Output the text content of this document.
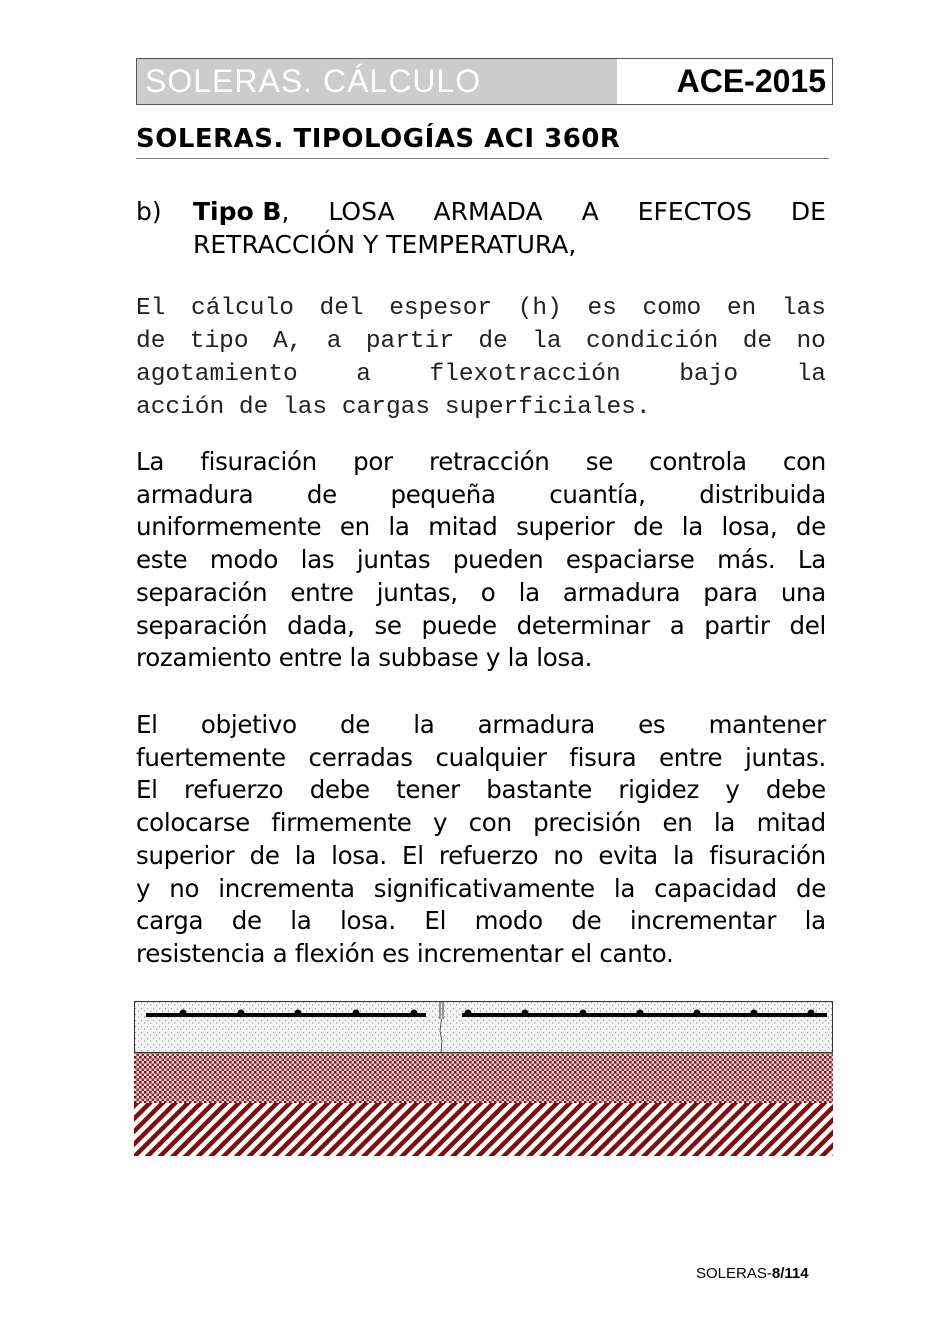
SOLERAS. CÁLCULO	ACE-2015
SOLERAS. TIPOLOGÍAS ACI 360R
b) Tipo B, LOSA ARMADA A EFECTOS DE
RETRACCIÓN Y TEMPERATURA,
El cálculo del espesor (h) es como en las
de tipo A, a partir de la condición de no
agotamiento a flexotracción bajo la
acción de las cargas superficiales.
La fisuración por retracción se controla con
armadura de pequeña cuantía, distribuida
uniformemente en la mitad superior de la losa, de
este modo las juntas pueden espaciarse más. La
separación entre juntas, o la armadura para una
separación dada, se puede determinar a partir del
rozamiento entre la subbase y la losa.
El objetivo de la armadura es mantener
fuertemente cerradas cualquier fisura entre juntas.
El refuerzo debe tener bastante rigidez y debe
colocarse firmemente y con precisión en la mitad
superior de la losa. El refuerzo no evita la fisuración
y no incrementa significativamente la capacidad de
carga de la losa. El modo de incrementar la
resistencia a flexión es incrementar el canto.
SOLERAS-8/114
